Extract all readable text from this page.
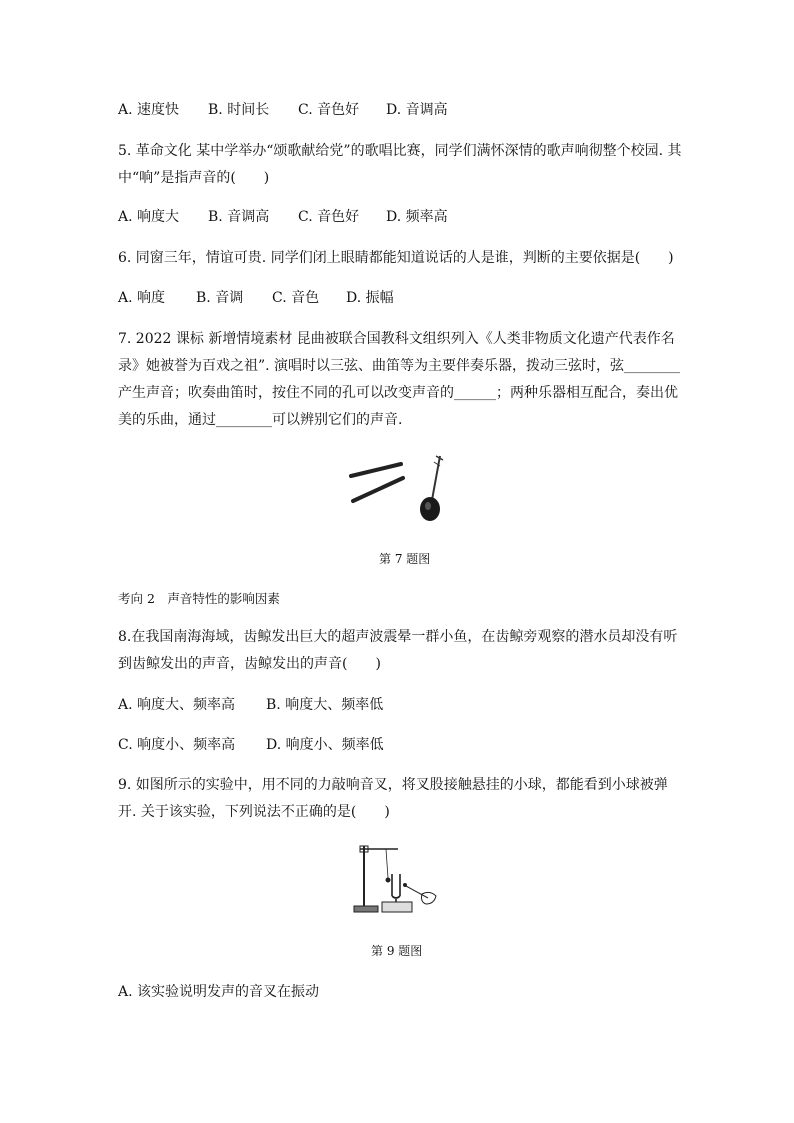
A. 速度快 B. 时间长 C. 音色好 D. 音调高
5. 革命文化 某中学举办“颂歌献给党”的歌唱比赛，同学们满怀深情的歌声响彻整个校园. 其
中“响”是指声音的(　　)
A. 响度大 B. 音调高 C. 音色好 D. 频率高
6. 同窗三年，情谊可贵. 同学们闭上眼睛都能知道说话的人是谁，判断的主要依据是(　　)
A. 响度 B. 音调 C. 音色 D. 振幅
7. 2022 课标 新增情境素材 昆曲被联合国教科文组织列入《人类非物质文化遗产代表作名
录》她被誉为百戏之祖”. 演唱时以三弦、曲笛等为主要伴奏乐器，拨动三弦时，弦________
产生声音；吹奏曲笛时，按住不同的孔可以改变声音的______；两种乐器相互配合，奏出优
美的乐曲，通过________可以辨别它们的声音.
第 7 题图
考向 2　声音特性的影响因素
8.在我国南海海域，齿鲸发出巨大的超声波震晕一群小鱼，在齿鲸旁观察的潜水员却没有听
到齿鲸发出的声音，齿鲸发出的声音(　　)
A. 响度大、频率高 B. 响度大、频率低
C. 响度小、频率高 D. 响度小、频率低
9. 如图所示的实验中，用不同的力敲响音叉，将叉股接触悬挂的小球，都能看到小球被弹
开. 关于该实验，下列说法不正确的是(　　)
第 9 题图
A. 该实验说明发声的音叉在振动
